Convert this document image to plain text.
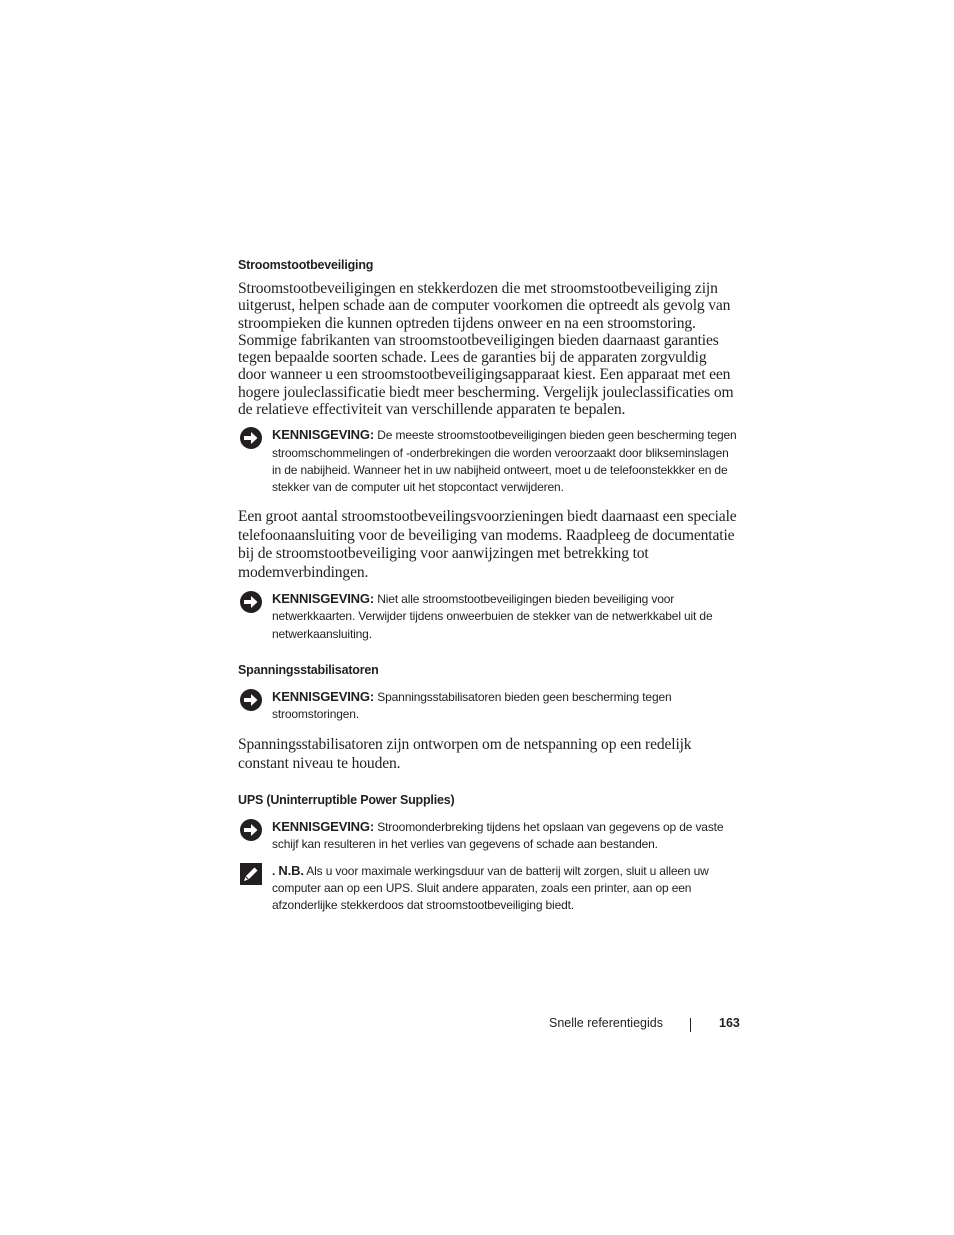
Stroomstootbeveiliging

Stroomstootbeveiligingen en stekkerdozen die met stroomstootbeveiliging zijn uitgerust, helpen schade aan de computer voorkomen die optreedt als gevolg van stroompieken die kunnen optreden tijdens onweer en na een stroomstoring. Sommige fabrikanten van stroomstootbeveiligingen bieden daarnaast garanties tegen bepaalde soorten schade. Lees de garanties bij de apparaten zorgvuldig door wanneer u een stroomstootbeveiligingsapparaat kiest. Een apparaat met een hogere jouleclassificatie biedt meer bescherming. Vergelijk jouleclassificaties om de relatieve effectiviteit van verschillende apparaten te bepalen.

KENNISGEVING: De meeste stroomstootbeveiligingen bieden geen bescherming tegen stroomschommelingen of -onderbrekingen die worden veroorzaakt door blikseminslagen in de nabijheid. Wanneer het in uw nabijheid ontweert, moet u de telefoonstekkker en de stekker van de computer uit het stopcontact verwijderen.

Een groot aantal stroomstootbeveilingsvoorzieningen biedt daarnaast een speciale telefoonaansluiting voor de beveiliging van modems. Raadpleeg de documentatie bij de stroomstootbeveiliging voor aanwijzingen met betrekking tot modemverbindingen.

KENNISGEVING: Niet alle stroomstootbeveiligingen bieden beveiliging voor netwerkkaarten. Verwijder tijdens onweerbuien de stekker van de netwerkkabel uit de netwerkaansluiting.
Spanningsstabilisatoren
KENNISGEVING: Spanningsstabilisatoren bieden geen bescherming tegen stroomstoringen.

Spanningsstabilisatoren zijn ontworpen om de netspanning op een redelijk constant niveau te houden.

UPS (Uninterruptible Power Supplies)
KENNISGEVING: Stroomonderbreking tijdens het opslaan van gegevens op de vaste schijf kan resulteren in het verlies van gegevens of schade aan bestanden.
. N.B. Als u voor maximale werkingsduur van de batterij wilt zorgen, sluit u alleen uw computer aan op een UPS. Sluit andere apparaten, zoals een printer, aan op een afzonderlijke stekkerdoos dat stroomstootbeveiliging biedt.
Snelle referentiegids	163
